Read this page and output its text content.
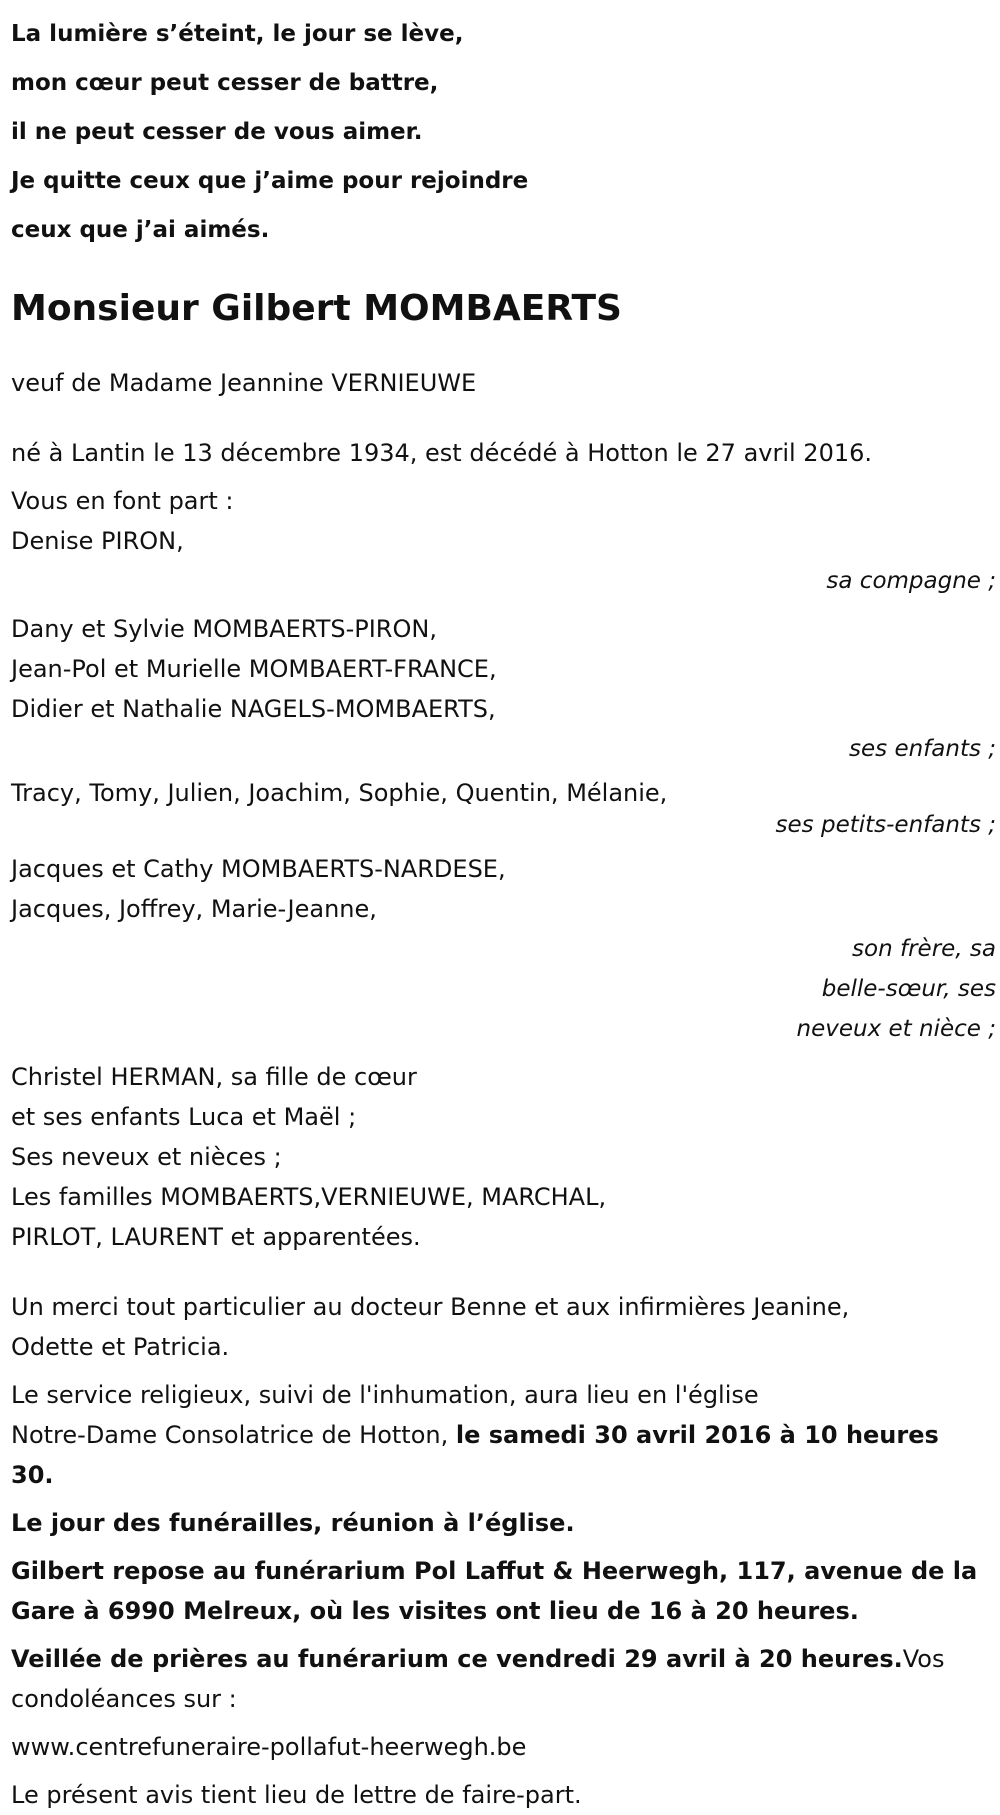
La lumière s’éteint, le jour se lève,

mon cœur peut cesser de battre,

il ne peut cesser de vous aimer.

Je quitte ceux que j’aime pour rejoindre

ceux que j’ai aimés.

Monsieur Gilbert MOMBAERTS

veuf de Madame Jeannine VERNIEUWE

né à Lantin le 13 décembre 1934, est décédé à Hotton le 27 avril 2016.

Vous en font part :

Denise PIRON,

sa compagne ;

Dany et Sylvie MOMBAERTS-PIRON,

Jean-Pol et Murielle MOMBAERT-FRANCE,

Didier et Nathalie NAGELS-MOMBAERTS,

ses enfants ;

Tracy, Tomy, Julien, Joachim, Sophie, Quentin, Mélanie,

ses petits-enfants ;

Jacques et Cathy MOMBAERTS-NARDESE,

Jacques, Joffrey, Marie-Jeanne,

son frère, sa

belle-sœur, ses

neveux et nièce ;

Christel HERMAN, sa fille de cœur

et ses enfants Luca et Maël ;

Ses neveux et nièces ;

Les familles MOMBAERTS,VERNIEUWE, MARCHAL,

PIRLOT, LAURENT et apparentées.

Un merci tout particulier au docteur Benne et aux infirmières Jeanine,

Odette et Patricia.

Le service religieux, suivi de l'inhumation, aura lieu en l'église

Notre-Dame Consolatrice de Hotton, le samedi 30 avril 2016 à 10 heures

30.

Le jour des funérailles, réunion à l’église.

Gilbert repose au funérarium Pol Laffut & Heerwegh, 117, avenue de la

Gare à 6990 Melreux, où les visites ont lieu de 16 à 20 heures.

Veillée de prières au funérarium ce vendredi 29 avril à 20 heures.Vos

condoléances sur :

www.centrefuneraire-pollafut-heerwegh.be

Le présent avis tient lieu de lettre de faire-part.
